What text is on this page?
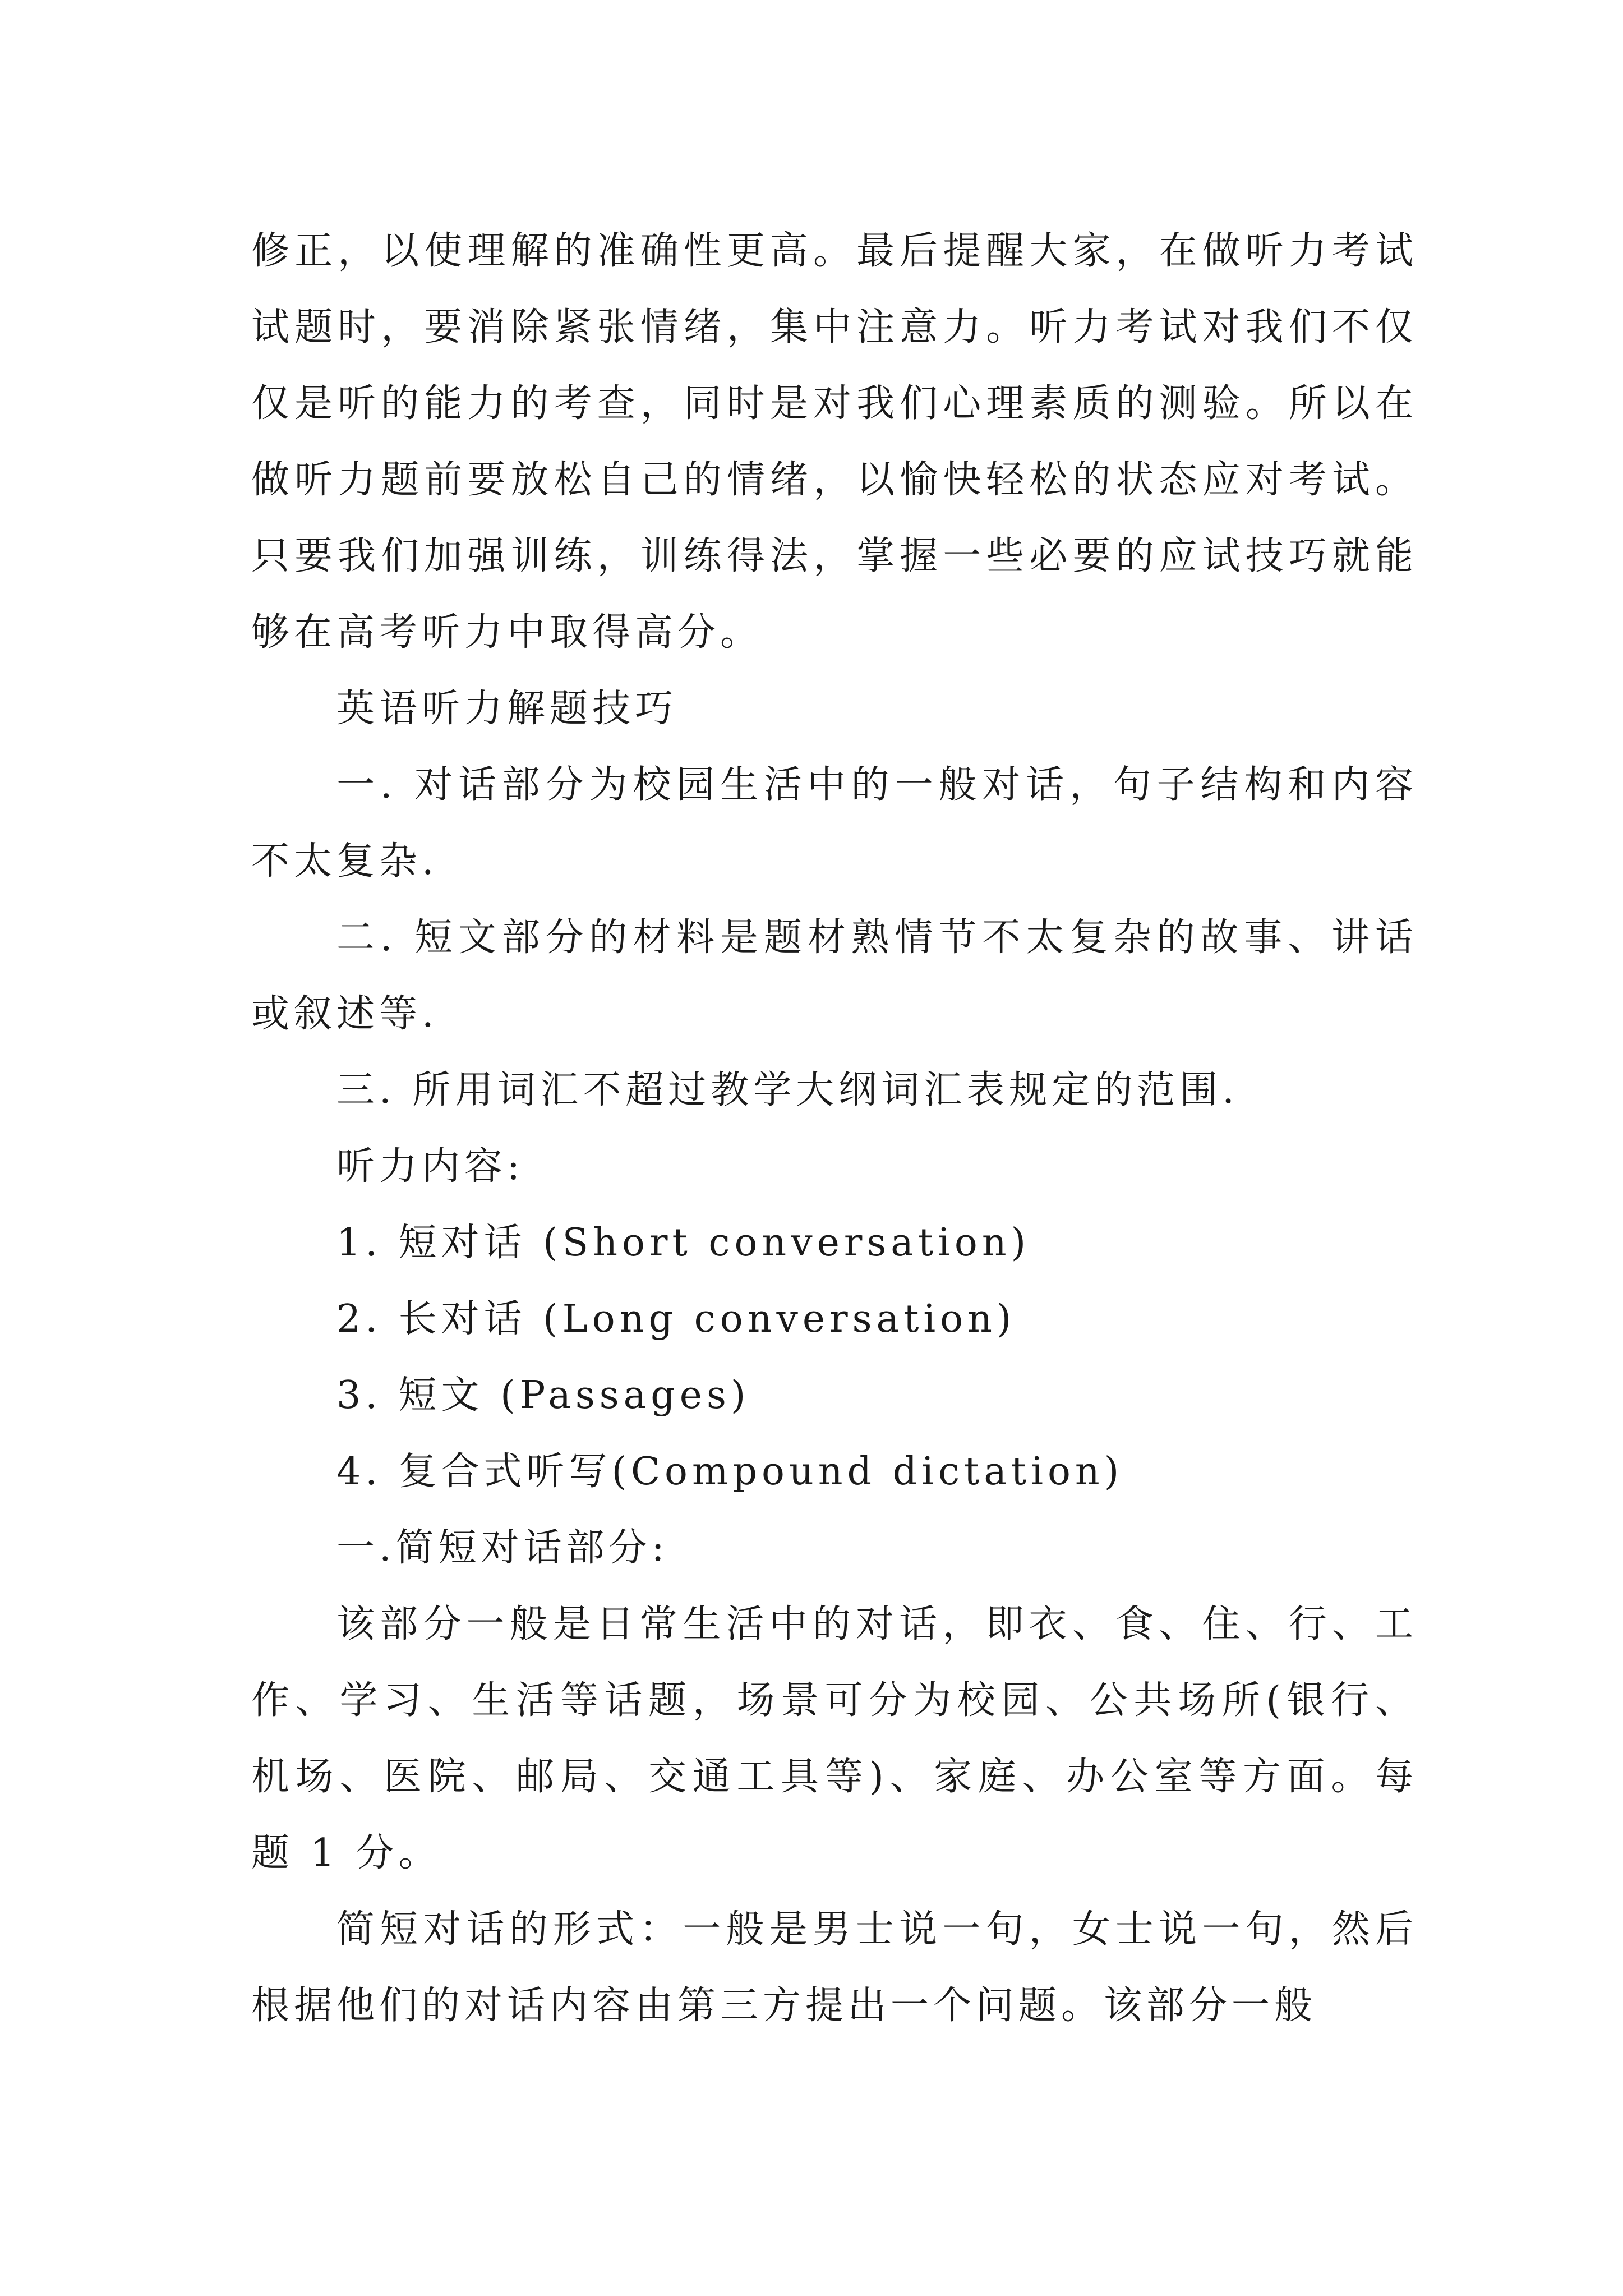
修正，以使理解的准确性更高。最后提醒大家，在做听力考试试题时，要消除紧张情绪，集中注意力。听力考试对我们不仅仅是听的能力的考查，同时是对我们心理素质的测验。所以在做听力题前要放松自己的情绪，以愉快轻松的状态应对考试。只要我们加强训练，训练得法，掌握一些必要的应试技巧就能够在高考听力中取得高分。

英语听力解题技巧

一. 对话部分为校园生活中的一般对话，句子结构和内容不太复杂.

二. 短文部分的材料是题材熟情节不太复杂的故事、讲话或叙述等.

三. 所用词汇不超过教学大纲词汇表规定的范围.

听力内容:

1. 短对话 (Short conversation)

2. 长对话 (Long conversation)

3. 短文 (Passages)

4. 复合式听写(Compound dictation)

一.简短对话部分:

该部分一般是日常生活中的对话，即衣、食、住、行、工作、学习、生活等话题，场景可分为校园、公共场所(银行、机场、医院、邮局、交通工具等)、家庭、办公室等方面。每题 1 分。

简短对话的形式：一般是男士说一句，女士说一句，然后根据他们的对话内容由第三方提出一个问题。该部分一般
